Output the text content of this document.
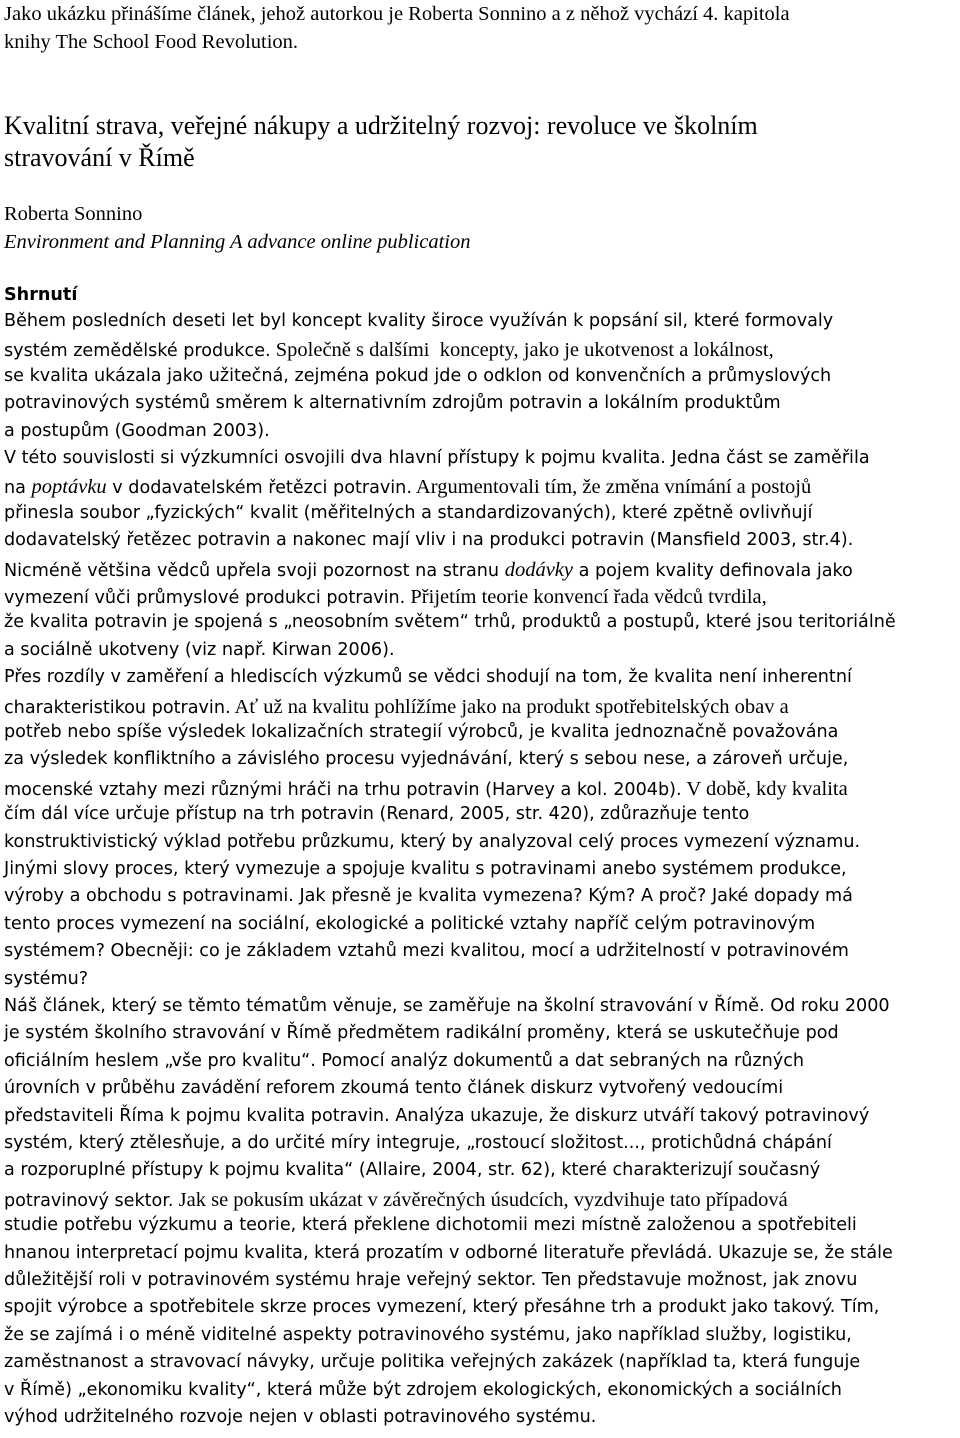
Jako ukázku přinášíme článek, jehož autorkou je Roberta Sonnino a z něhož vychází 4. kapitola

knihy The School Food Revolution.

Kvalitní strava, veřejné nákupy a udržitelný rozvoj: revoluce ve školním

stravování v Římě

Roberta Sonnino

Environment and Planning A advance online publication

Shrnutí

Během posledních deseti let byl koncept kvality široce využíván k popsání sil, které formovaly

systém zemědělské produkce. Společně s dalšími  koncepty, jako je ukotvenost a lokálnost,

se kvalita ukázala jako užitečná, zejména pokud jde o odklon od konvenčních a průmyslových

potravinových systémů směrem k alternativním zdrojům potravin a lokálním produktům

a postupům (Goodman 2003).

V této souvislosti si výzkumníci osvojili dva hlavní přístupy k pojmu kvalita. Jedna část se zaměřila

na poptávku v dodavatelském řetězci potravin. Argumentovali tím, že změna vnímání a postojů

přinesla soubor „fyzických“ kvalit (měřitelných a standardizovaných), které zpětně ovlivňují

dodavatelský řetězec potravin a nakonec mají vliv i na produkci potravin (Mansfield 2003, str.4).

Nicméně většina vědců upřela svoji pozornost na stranu dodávky a pojem kvality definovala jako

vymezení vůči průmyslové produkci potravin. Přijetím teorie konvencí řada vědců tvrdila,

že kvalita potravin je spojená s „neosobním světem“ trhů, produktů a postupů, které jsou teritoriálně

a sociálně ukotveny (viz např. Kirwan 2006).

Přes rozdíly v zaměření a hlediscích výzkumů se vědci shodují na tom, že kvalita není inherentní

charakteristikou potravin. Ať už na kvalitu pohlížíme jako na produkt spotřebitelských obav a

potřeb nebo spíše výsledek lokalizačních strategií výrobců, je kvalita jednoznačně považována

za výsledek konfliktního a závislého procesu vyjednávání, který s sebou nese, a zároveň určuje,

mocenské vztahy mezi různými hráči na trhu potravin (Harvey a kol. 2004b). V době, kdy kvalita

čím dál více určuje přístup na trh potravin (Renard, 2005, str. 420), zdůrazňuje tento

konstruktivistický výklad potřebu průzkumu, který by analyzoval celý proces vymezení významu.

Jinými slovy proces, který vymezuje a spojuje kvalitu s potravinami anebo systémem produkce,

výroby a obchodu s potravinami. Jak přesně je kvalita vymezena? Kým? A proč? Jaké dopady má

tento proces vymezení na sociální, ekologické a politické vztahy napříč celým potravinovým

systémem? Obecněji: co je základem vztahů mezi kvalitou, mocí a udržitelností v potravinovém

systému?

Náš článek, který se těmto tématům věnuje, se zaměřuje na školní stravování v Římě. Od roku 2000

je systém školního stravování v Římě předmětem radikální proměny, která se uskutečňuje pod

oficiálním heslem „vše pro kvalitu“. Pomocí analýz dokumentů a dat sebraných na různých

úrovních v průběhu zavádění reforem zkoumá tento článek diskurz vytvořený vedoucími

představiteli Říma k pojmu kvalita potravin. Analýza ukazuje, že diskurz utváří takový potravinový

systém, který ztělesňuje, a do určité míry integruje, „rostoucí složitost..., protichůdná chápání

a rozporuplné přístupy k pojmu kvalita“ (Allaire, 2004, str. 62), které charakterizují současný

potravinový sektor. Jak se pokusím ukázat v závěrečných úsudcích, vyzdvihuje tato případová

studie potřebu výzkumu a teorie, která překlene dichotomii mezi místně založenou a spotřebiteli

hnanou interpretací pojmu kvalita, která prozatím v odborné literatuře převládá. Ukazuje se, že stále

důležitější roli v potravinovém systému hraje veřejný sektor. Ten představuje možnost, jak znovu

spojit výrobce a spotřebitele skrze proces vymezení, který přesáhne trh a produkt jako takový. Tím,

že se zajímá i o méně viditelné aspekty potravinového systému, jako například služby, logistiku,

zaměstnanost a stravovací návyky, určuje politika veřejných zakázek (například ta, která funguje

v Římě) „ekonomiku kvality“, která může být zdrojem ekologických, ekonomických a sociálních

výhod udržitelného rozvoje nejen v oblasti potravinového systému.
